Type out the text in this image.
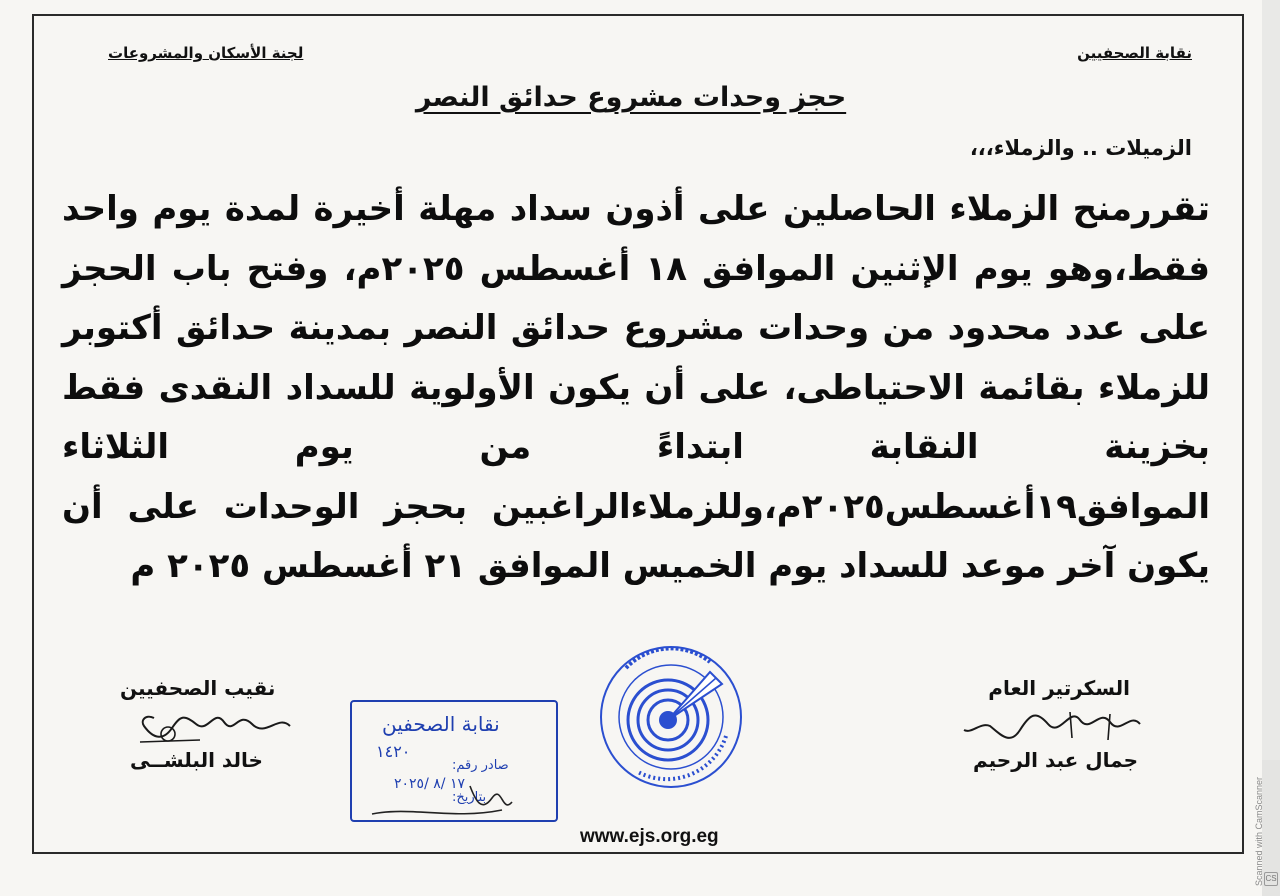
نقابة الصحفيين
لجنة الأسكان والمشروعات
حجز وحدات مشروع حدائق النصر
الزميلات .. والزملاء،،،
تقررمنح الزملاء الحاصلين على أذون سداد مهلة أخيرة لمدة يوم واحد فقط،وهو يوم الإثنين الموافق ١٨ أغسطس ٢٠٢٥م، وفتح باب الحجز على عدد محدود من وحدات مشروع حدائق النصر بمدينة حدائق أكتوبر للزملاء بقائمة الاحتياطى، على أن يكون الأولوية للسداد النقدى فقط بخزينة النقابة ابتداءً من يوم الثلاثاء الموافق١٩أغسطس٢٠٢٥م،وللزملاءالراغبين بحجز الوحدات على أن يكون آخر موعد للسداد يوم الخميس الموافق ٢١ أغسطس ٢٠٢٥ م
السكرتير العام
جمال عبد الرحيم
نقيب الصحفيين
خالد البلشــى
نقابة الصحفين
١٤٢٠
صادر رقم:
١٧ /٨ /٢٠٢٥
بتاريخ:
www.ejs.org.eg	Scanned with CamScanner CS
